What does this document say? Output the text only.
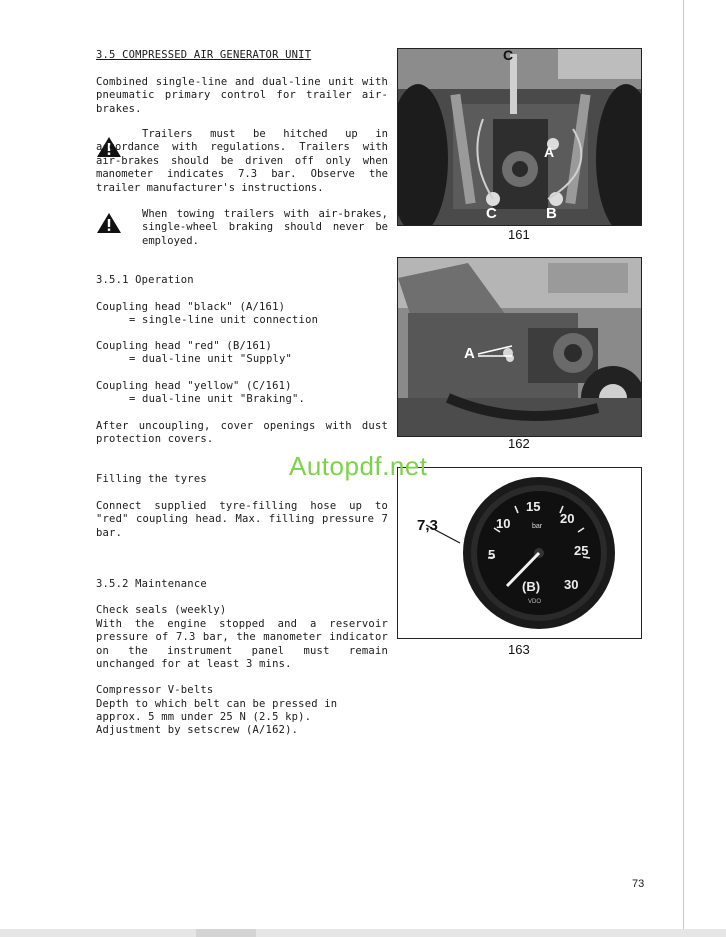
3.5 COMPRESSED AIR GENERATOR UNIT
Combined single-line and dual-line unit with pneumatic primary control for trailer air-brakes.
Trailers must be hitched up in accordance with regulations. Trailers with air-brakes should be driven off only when manometer indicates 7.3 bar. Observe the trailer manufacturer's instructions.
When towing trailers with air-brakes, single-wheel braking should never be employed.
3.5.1 Operation
Coupling head "black" (A/161)
= single-line unit connection
Coupling head "red" (B/161)
= dual-line unit "Supply"
Coupling head "yellow" (C/161)
= dual-line unit "Braking".
After uncoupling, cover openings with dust protection covers.
Filling the tyres
Connect supplied tyre-filling hose up to "red" coupling head. Max. filling pressure 7 bar.
3.5.2 Maintenance
Check seals (weekly)
With the engine stopped and a reservoir pressure of 7.3 bar, the manometer indicator on the instrument panel must remain unchanged for at least 3 mins.
Compressor V-belts
Depth to which belt can be pressed in
approx. 5 mm under 25 N (2.5 kp).
Adjustment by setscrew (A/162).
C
A
B
C
161
A
162
7,3
5
10
15
20
25
30
bar
(B)
VDO
163
Autopdf.net
73
